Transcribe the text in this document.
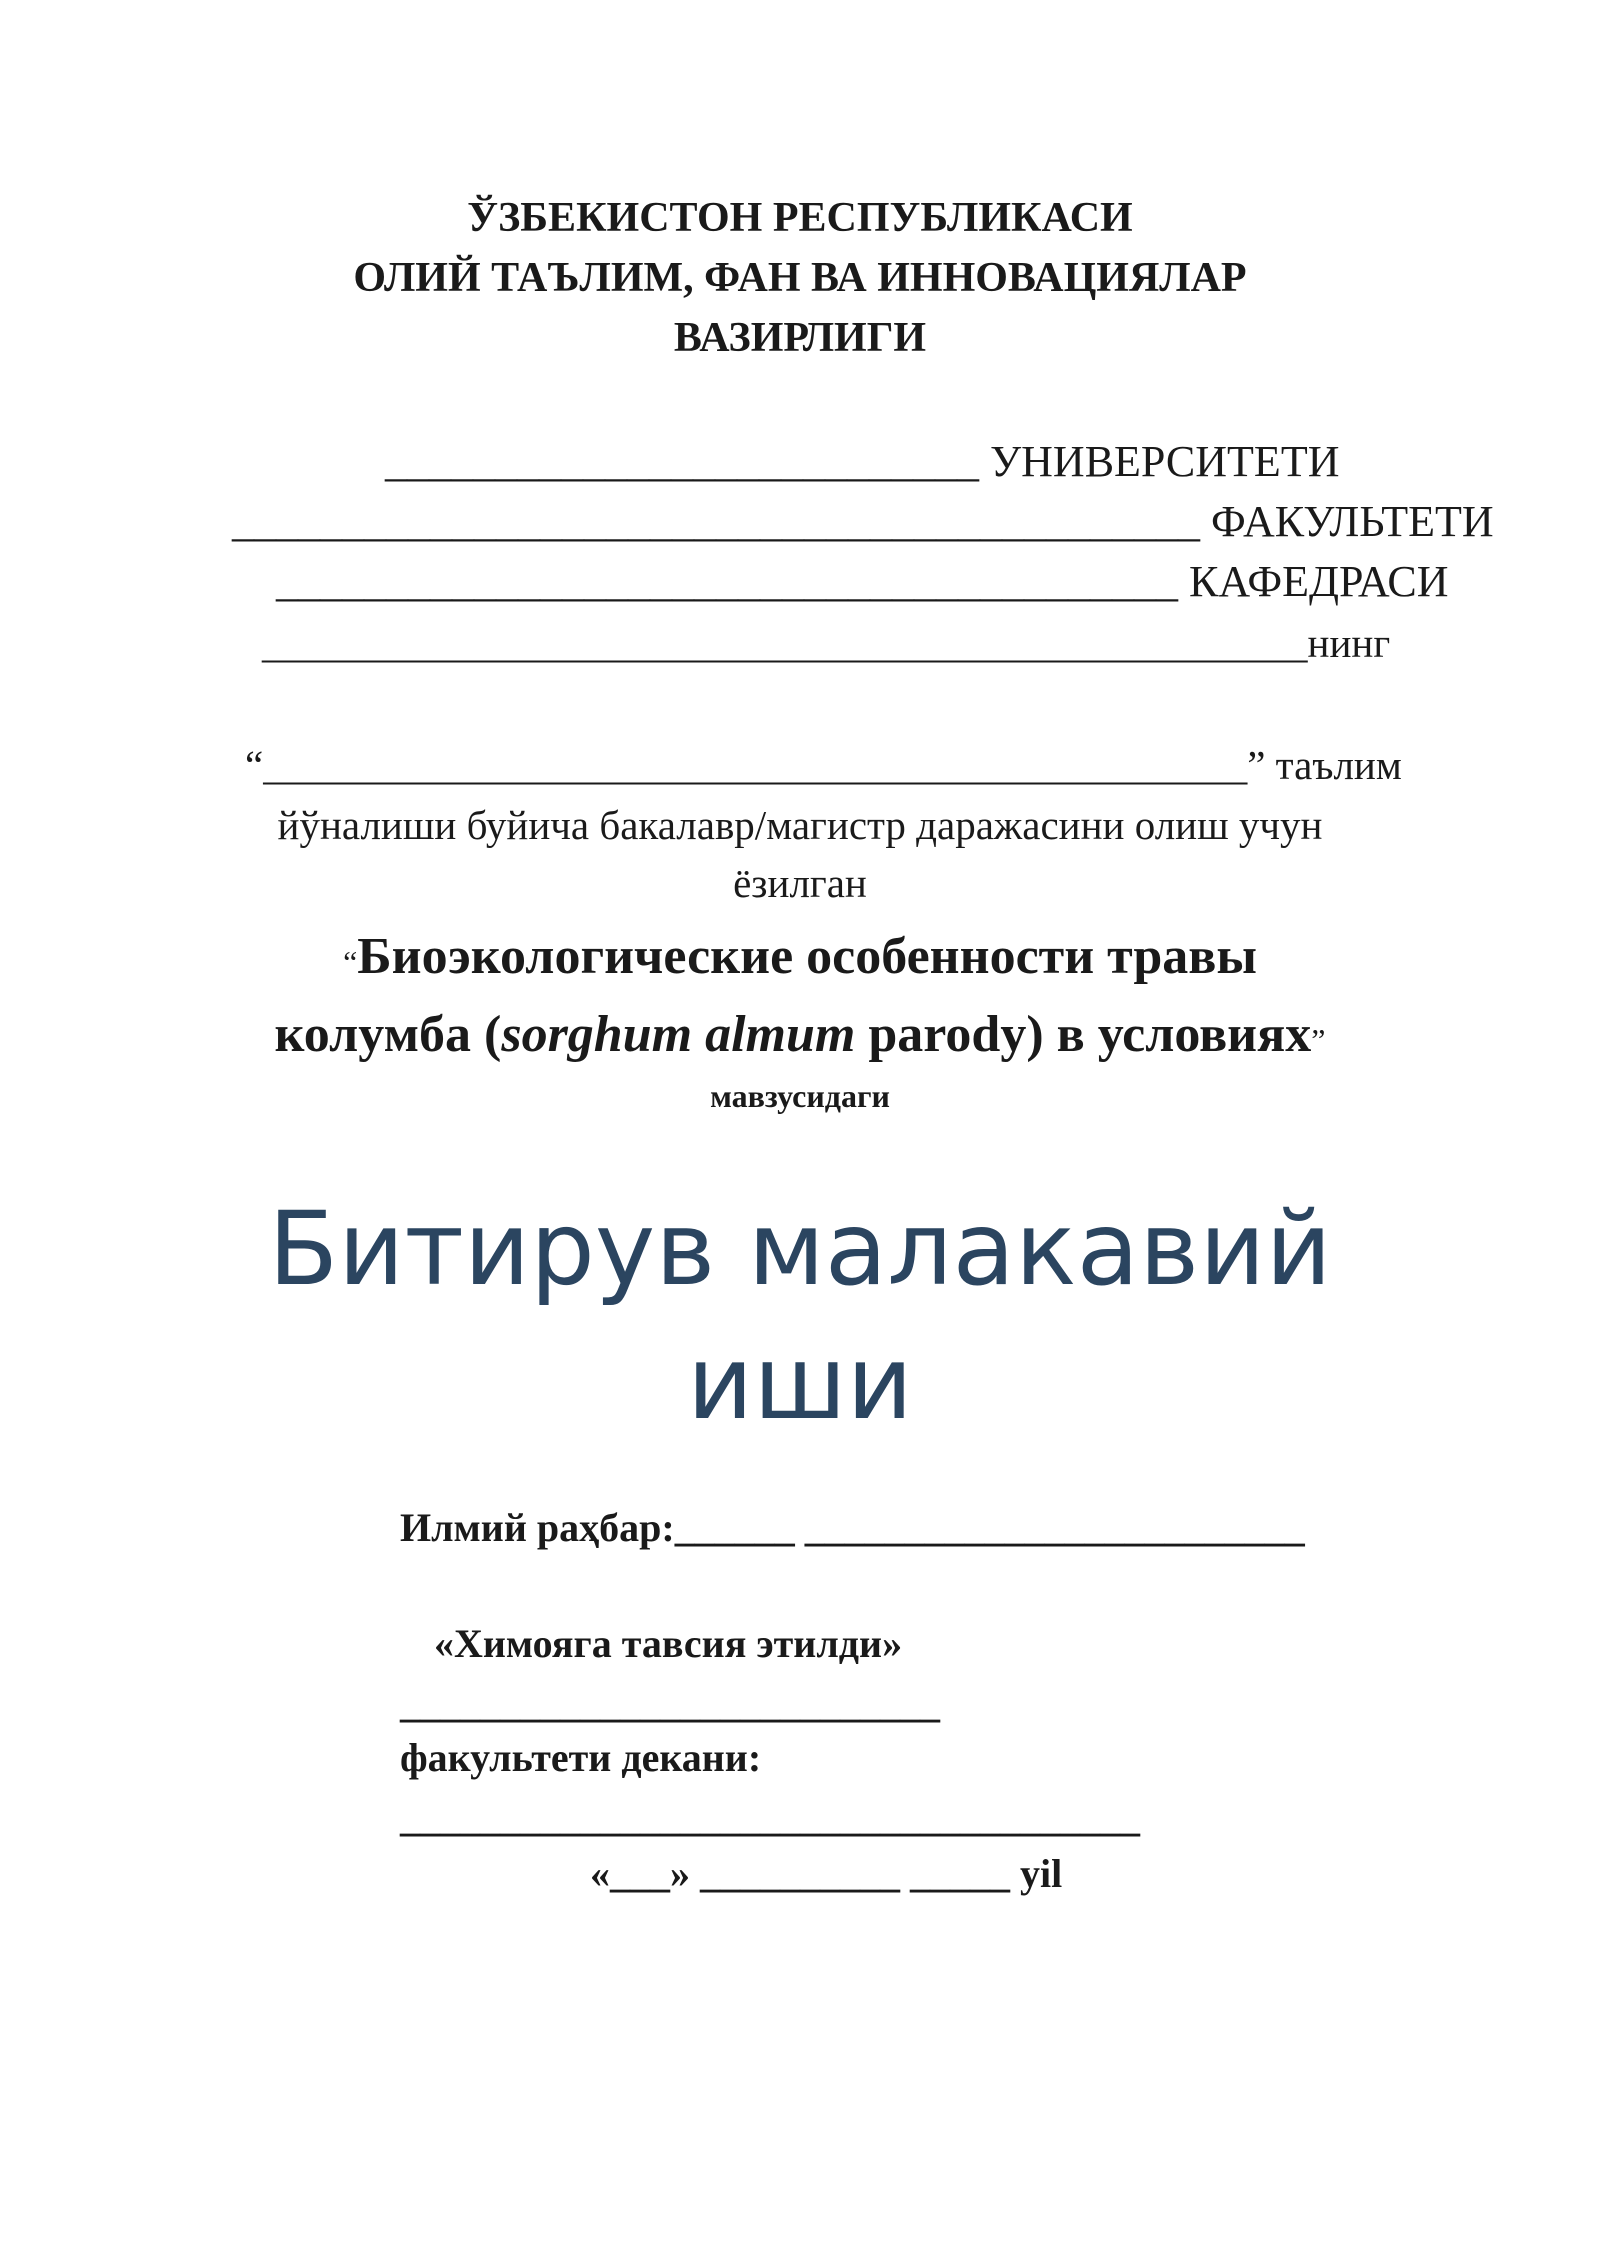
ЎЗБЕКИСТОН РЕСПУБЛИКАСИ
ОЛИЙ ТАЪЛИМ, ФАН ВА ИННОВАЦИЯЛАР
ВАЗИРЛИГИ
___________________________ УНИВЕРСИТЕТИ
____________________________________________ ФАКУЛЬТЕТИ
_________________________________________ КАФЕДРАСИ
___________________________________________________нинг
“________________________________________________” таълим
йўналиши буйича бакалавр/магистр даражасини олиш учун
ёзилган
“Биоэкологические особенности травы
колумба (sorghum almum parody) в условиях”
мавзусидаги
Битирув малакавий
иши
Илмий раҳбар:______ _________________________
«Химояга тавсия этилди»
___________________________
факультети декани:
_____________________________________
«___» __________ _____ yil
